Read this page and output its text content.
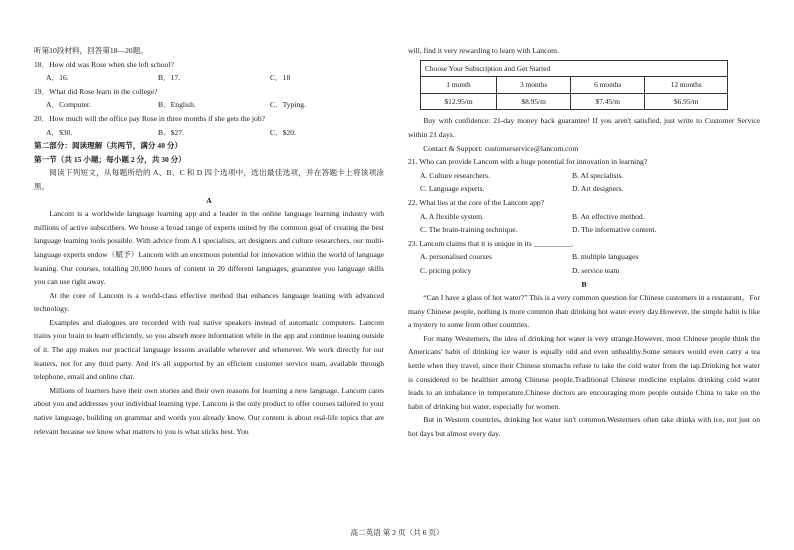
听第10段材料，回答第18—20题。
18．How old was Rose when she left school?
A．16.	B．17.	C．18
19．What did Rose learn in the college?
A．Computer.	B．English.	C．Typing.
20．How much will the office pay Rose in three months if she gets the job?
A．$30.	B．$27.	C．$20.
第二部分：阅读理解（共两节，满分 40 分）
第一节（共 15 小题；每小题 2 分，共 30 分）
阅读下列短文，从每题所给的 A、B、C 和 D 四个选项中，选出最佳选项，并在答题卡上将该项涂黑。
A
Lancom is a worldwide language learning app and a leader in the online language learning industry with millions of active subscribers. We house a broad range of experts united by the common goal of creating the best language learning tools possible. With advice from A I specialists, art designers and culture researchers, our multi-language experts endow（赋予）Lancom with an enormous potential for innovation within the world of language leaning. Our courses, totalling 20,000 hours of content in 20 different languages, guarantee you language skills you can use right away.
At the core of Lancom is a world-class effective method that enhances language leaning with advanced technology.
Examples and dialogues are recorded with real native speakers instead of automatic computers. Lancom trains your brain to learn efficiently, so you absorb more information while in the app and continue leaning outside of it. The app makes our practical language lessons available wherever and whenever. We work directly for our leaners, not for any third party. And it's all supported by an efficient customer service team, available through telephone, email and online chat.
Millions of learners have their own stories and their own reasons for learning a new language. Lancom cares about you and addresses your individual learning type. Lancom is the only product to offer courses tailored to your native language, building on grammar and words you already know. Our content is about real-life topics that are relevant because we know what matters to you is what sticks best. You
will, find it very rewarding to learn with Lancom.
Choose Your Subscription and Get Started			
1 month	3 months	6 months	12 months
$12.95/m	$8.95/m	$7.45/m	$6.95/m
Buy with confidence: 21-day money back guarantee! If you aren't satisfied, just write to Customer Service within 21 days.
Contact & Support: customerservice@lancom.com
21. Who can provide Lancom with a huge potential for innovation in learning?
A. Culture researchers.	B. AI specialists.
C. Language experts.	D. Art designers.
22. What lies at the core of the Lancom app?
A. A flexible system.	B. An effective method.
C. The brain-training technique.	D. The informative content.
23. Lancom claims that it is unique in its __________.
A. personalised courses	B. multiple languages
C. pricing policy	D. service team
B
“Can I have a glass of hot water?” This is a very common question for Chinese customers in a restaurant。For many Chinese people, nothing is more common than drinking hot water every day.However, the simple habit is like a mystery to some from other countries.
For many Westerners, the idea of drinking hot water is very strange.However, most Chinese people think the Americans' habit of drinking ice water is equally odd and even unhealthy.Some seniors would even carry a tea kettle when they travel, since their Chinese stomachs refuse to take the cold water from the tap.Drinking hot water is considered to be healthier among Chinese people.Traditional Chinese medicine explains drinking cold water leads to an imbalance in temperature.Chinese doctors are encouraging more people outside China to take on the habit of drinking hot water, especially for women.
But in Western countries, drinking hot water isn't common.Westerners often take drinks with ice, not just on hot days but almost every day.
高二英语 第 2 页（共 6 页）
